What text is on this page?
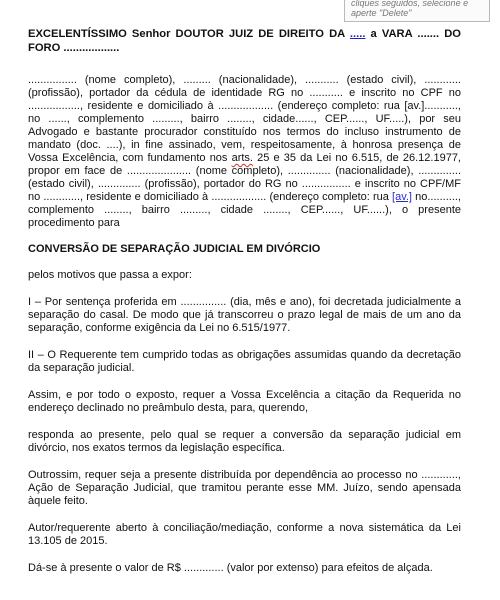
cliques seguidos, selecione e aperte "Delete"

EXCELENTÍSSIMO Senhor DOUTOR JUIZ DE DIREITO DA ..... a VARA ....... DO FORO ..................

................ (nome completo), ......... (nacionalidade), ........... (estado civil), ............ (profissão), portador da cédula de identidade RG no ........... e inscrito no CPF no ................., residente e domiciliado à .................. (endereço completo: rua [av.]..........., no ......, complemento ........., bairro ........, cidade......, CEP......, UF.....), por seu Advogado e bastante procurador constituído nos termos do incluso instrumento de mandato (doc. ....), in fine assinado, vem, respeitosamente, à honrosa presença de Vossa Excelência, com fundamento nos arts. 25 e 35 da Lei no 6.515, de 26.12.1977, propor em face de ..................... (nome completo), .............. (nacionalidade), .............. (estado civil), .............. (profissão), portador do RG no ................ e inscrito no CPF/MF no ............, residente e domiciliado à .................. (endereço completo: rua [av.] no.........., complemento ........, bairro ........., cidade ........, CEP......, UF......), o presente procedimento para

CONVERSÃO DE SEPARAÇÃO JUDICIAL EM DIVÓRCIO

pelos motivos que passa a expor:

I – Por sentença proferida em ............... (dia, mês e ano), foi decretada judicialmente a separação do casal. De modo que já transcorreu o prazo legal de mais de um ano da separação, conforme exigência da Lei no 6.515/1977.

II – O Requerente tem cumprido todas as obrigações assumidas quando da decretação da separação judicial.

Assim, e por todo o exposto, requer a Vossa Excelência a citação da Requerida no endereço declinado no preâmbulo desta, para, querendo,

responda ao presente, pelo qual se requer a conversão da separação judicial em divórcio, nos exatos termos da legislação específica.

Outrossim, requer seja a presente distribuída por dependência ao processo no ............, Ação de Separação Judicial, que tramitou perante esse MM. Juízo, sendo apensada àquele feito.

Autor/requerente aberto à conciliação/mediação, conforme a nova sistemática da Lei 13.105 de 2015.

Dá-se à presente o valor de R$ ............. (valor por extenso) para efeitos de alçada.
